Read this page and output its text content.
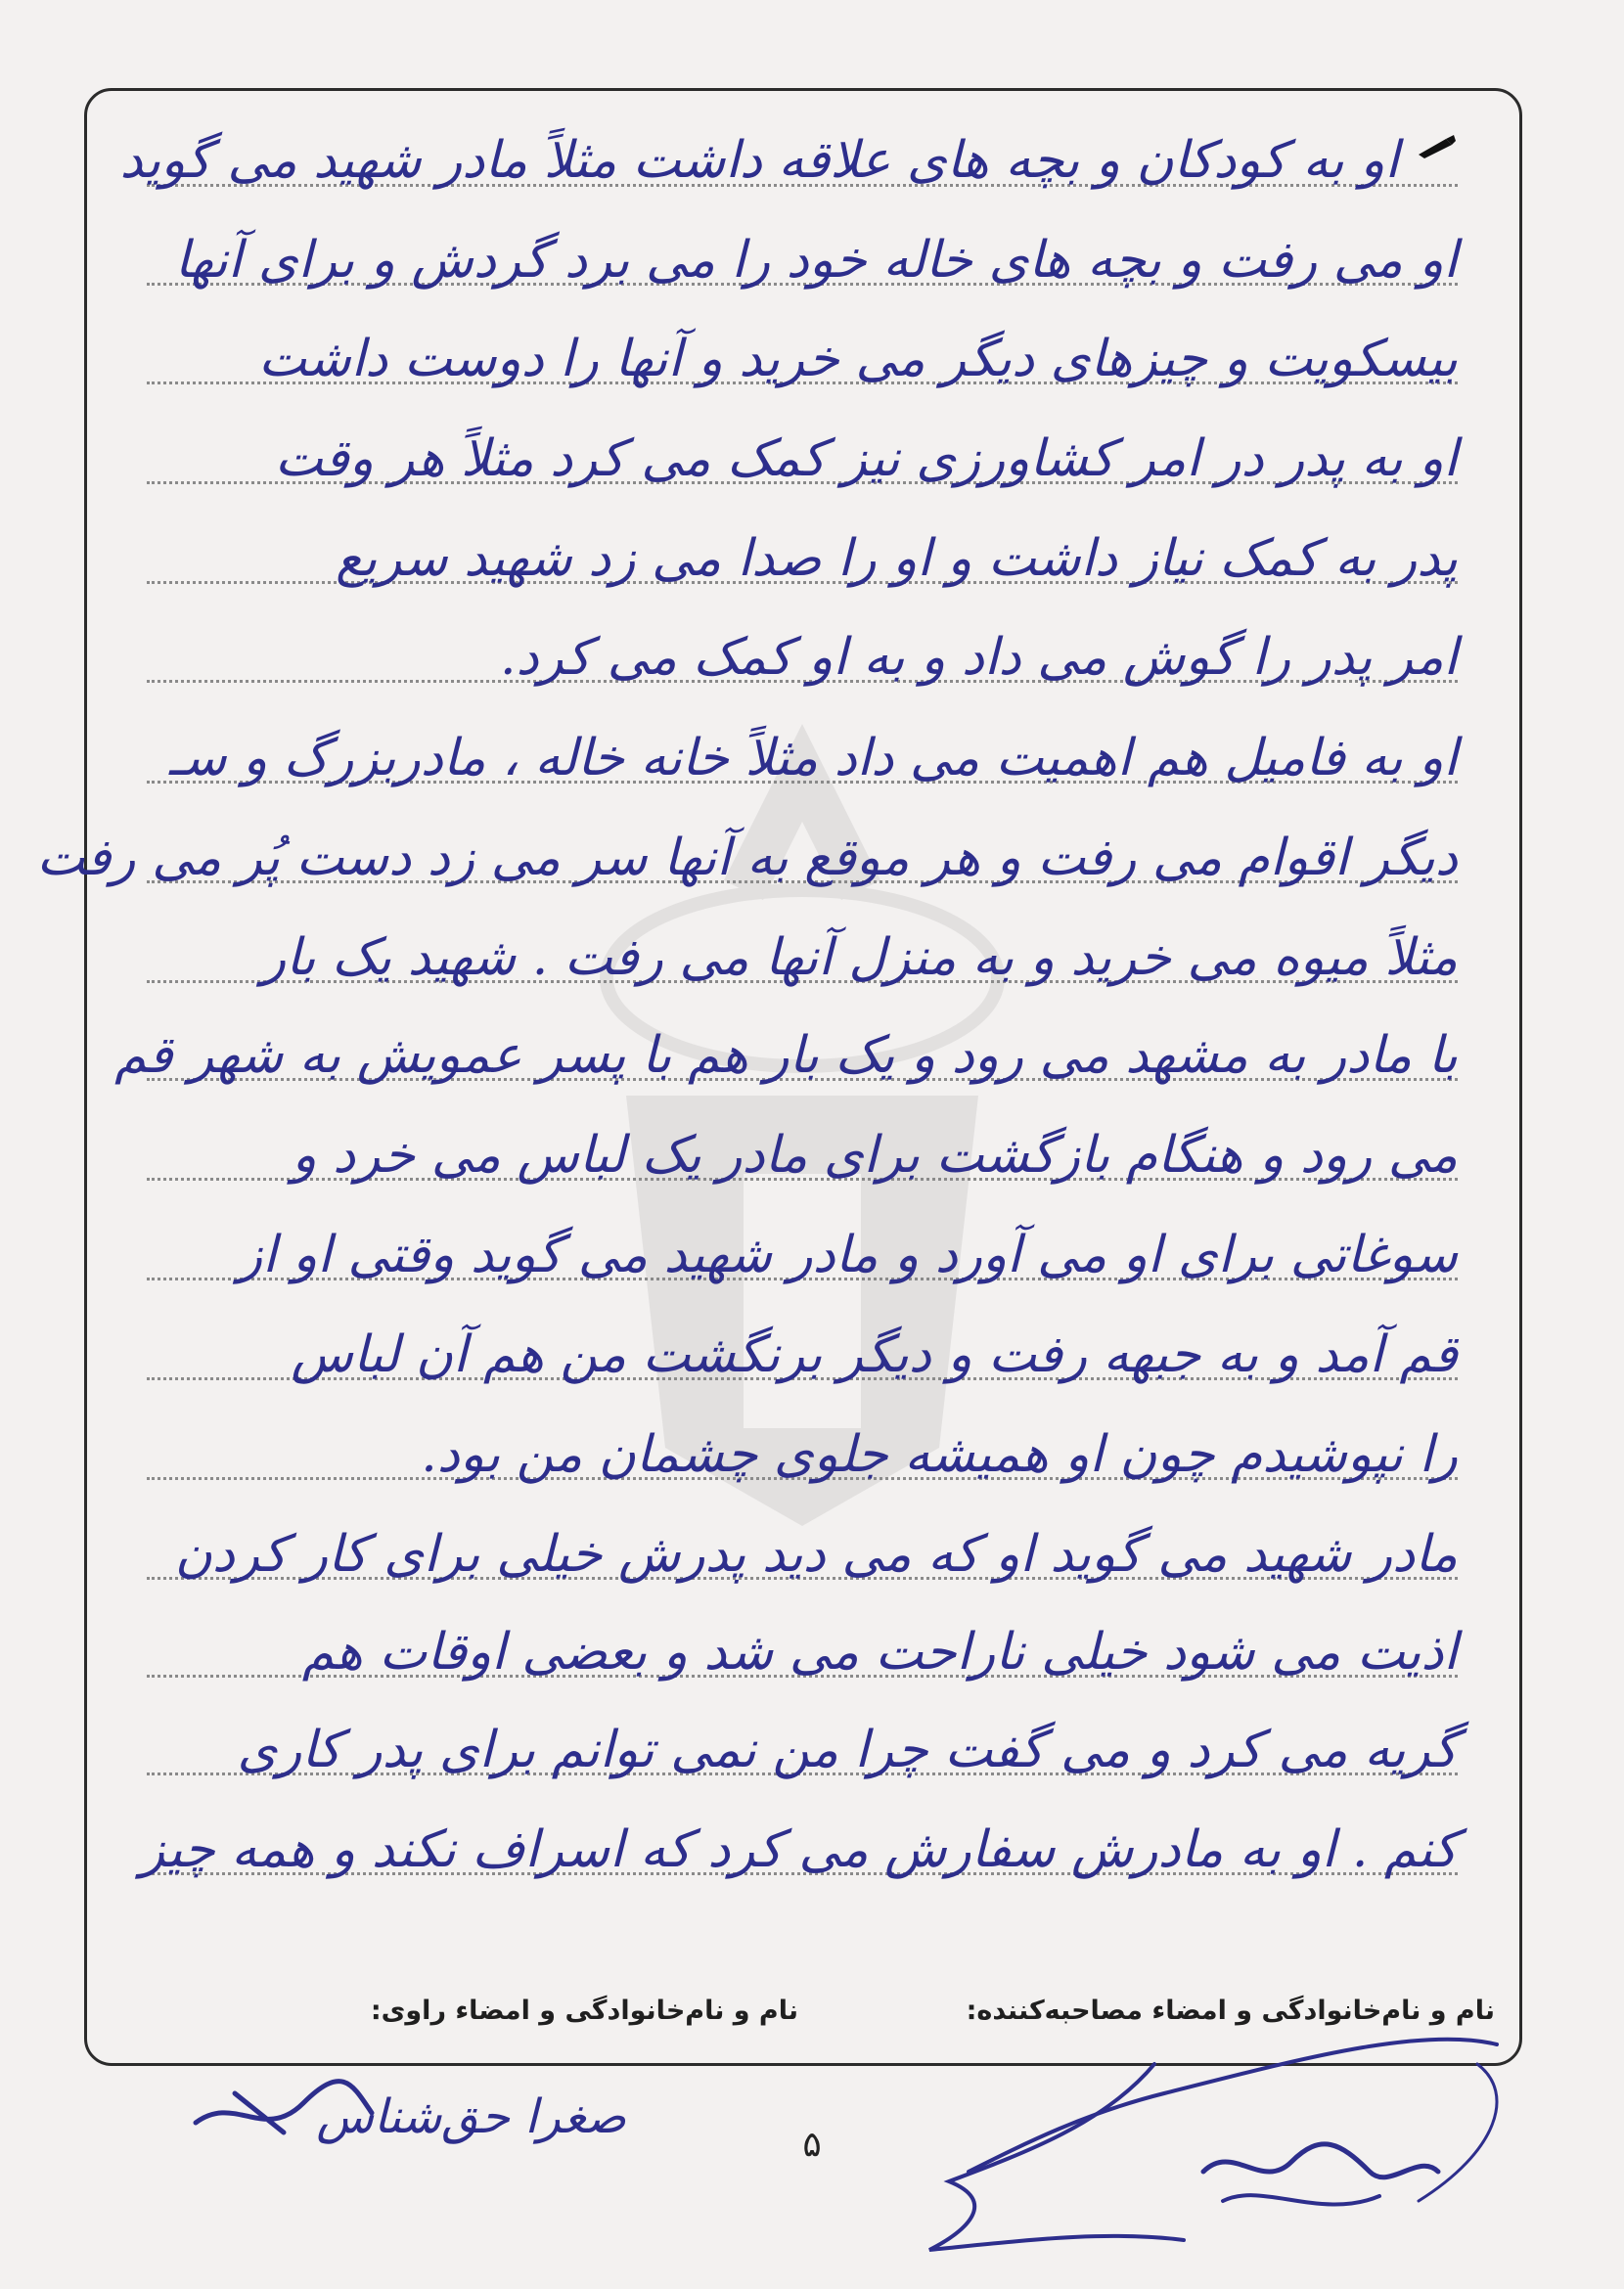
او به کودکان و بچه های علاقه داشت مثلاً مادر شهید می گوید
او می رفت و بچه های خاله خود را می برد گردش و برای آنها
بیسکویت و چیزهای دیگر می خرید و آنها را دوست داشت
او به پدر در امر کشاورزی نیز کمک می کرد مثلاً هر وقت
پدر به کمک نیاز داشت و او را صدا می زد شهید سریع
امر پدر را گوش می داد و به او کمک می کرد.
او به فامیل هم اهمیت می داد مثلاً خانه خاله ، مادربزرگ و سـ
دیگر اقوام می رفت و هر موقع به آنها سر می زد دست پُر می رفت
مثلاً میوه می خرید و به منزل آنها می رفت . شهید یک بار
با مادر به مشهد می رود و یک بار هم با پسر عمویش به شهر قم
می رود و هنگام بازگشت برای مادر یک لباس می خرد و
سوغاتی برای او می آورد و مادر شهید می گوید وقتی او از
قم آمد و به جبهه رفت و دیگر برنگشت من هم آن لباس
را نپوشیدم چون او همیشه جلوی چشمان من بود.
مادر شهید می گوید او که می دید پدرش خیلی برای کار کردن
اذیت می شود خیلی ناراحت می شد و بعضی اوقات هم
گریه می کرد و می گفت چرا من نمی توانم برای پدر کاری
کنم . او به مادرش سفارش می کرد که اسراف نکند و همه چیز
نام و نام‌خانوادگی و امضاء مصاحبه‌کننده:
نام و نام‌خانوادگی و امضاء راوی:
صغرا حق‌شناس
۵
